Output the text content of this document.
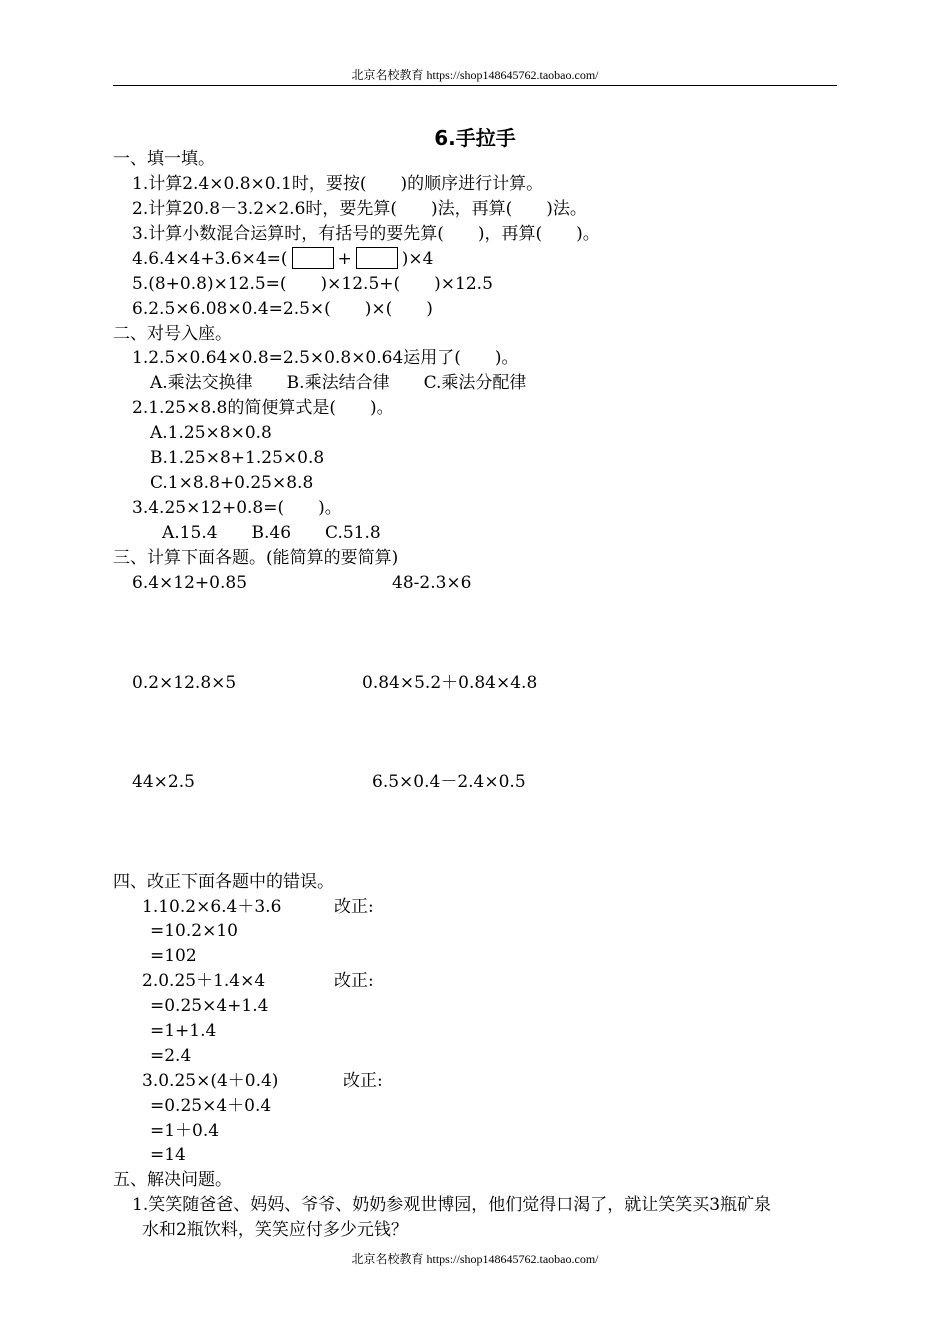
北京名校教育 https://shop148645762.taobao.com/
6.手拉手
一、填一填。
1.计算2.4×0.8×0.1时，要按(　　)的顺序进行计算。
2.计算20.8－3.2×2.6时，要先算(　　)法，再算(　　)法。
3.计算小数混合运算时，有括号的要先算(　　)，再算(　　)。
4.6.4×4+3.6×4=(	+	)×4
5.(8+0.8)×12.5=(　　)×12.5+(　　)×12.5
6.2.5×6.08×0.4=2.5×(　　)×(　　)
二、对号入座。
1.2.5×0.64×0.8=2.5×0.8×0.64运用了(　　)。
A.乘法交换律　　B.乘法结合律　　C.乘法分配律
2.1.25×8.8的简便算式是(　　)。
A.1.25×8×0.8
B.1.25×8+1.25×0.8
C.1×8.8+0.25×8.8
3.4.25×12+0.8=(　　)。
A.15.4　　B.46　　C.51.8
三、计算下面各题。(能简算的要简算)
6.4×12+0.85	48-2.3×6
0.2×12.8×5	0.84×5.2＋0.84×4.8
44×2.5	6.5×0.4－2.4×0.5
四、改正下面各题中的错误。
1.10.2×6.4＋3.6	改正:
=10.2×10
=102
2.0.25＋1.4×4	改正:
=0.25×4+1.4
=1+1.4
=2.4
3.0.25×(4＋0.4)	改正:
=0.25×4＋0.4
=1＋0.4
=14
五、解决问题。
1.笑笑随爸爸、妈妈、爷爷、奶奶参观世博园，他们觉得口渴了，就让笑笑买3瓶矿泉
水和2瓶饮料，笑笑应付多少元钱？
北京名校教育 https://shop148645762.taobao.com/
